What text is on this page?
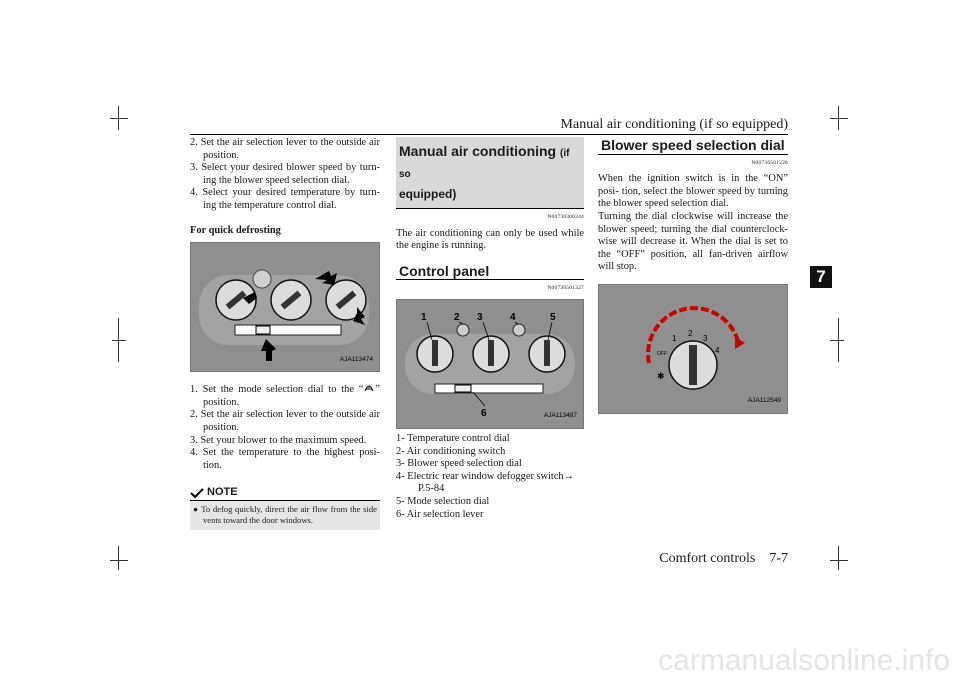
Manual air conditioning (if so equipped)
7

2. Set the air selection lever to the outside air position.

3. Select your desired blower speed by turn- ing the blower speed selection dial.

4. Select your desired temperature by turn- ing the temperature control dial.

For quick defrosting

AJA113474

1. Set the mode selection dial to the “ ” position.

2. Set the air selection lever to the outside air position.

3. Set your blower to the maximum speed.

4. Set the temperature to the highest posi- tion.

NOTE
● To defog quickly, direct the air flow from the side vents toward the door windows.
Manual air conditioning (if so
equipped)
N00730300344

The air conditioning can only be used while the engine is running.

Control panel
N00730501327
1	2 3	4	5
6	AJA113487

1- Temperature control dial

2- Air conditioning switch

3- Blower speed selection dial

4- Electric rear window defogger switch→ P.5-84

5- Mode selection dial

6- Air selection lever

Blower speed selection dial
N00736501228

When the ignition switch is in the “ON” posi- tion, select the blower speed by turning the blower speed selection dial.

Turning the dial clockwise will increase the blower speed; turning the dial counterclock- wise will decrease it. When the dial is set to the “OFF” position, all fan-driven airflow will stop.

OFF
1
2
3
4
✱
AJA112549
Comfort controls 7-7
carmanualsonline.info
